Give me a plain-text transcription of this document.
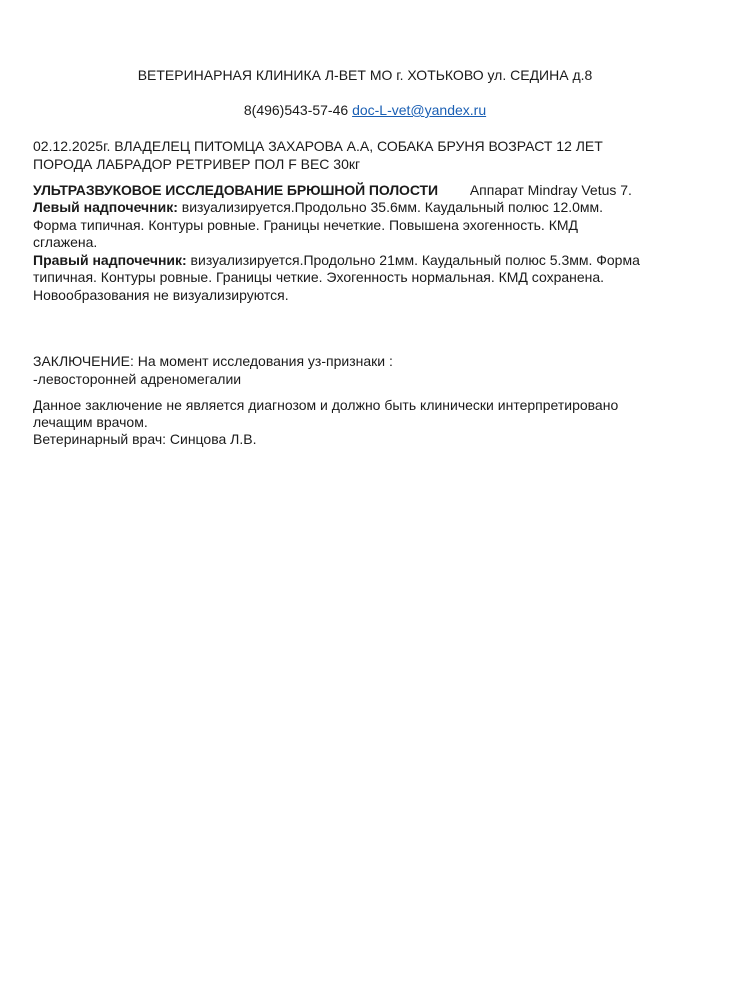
ВЕТЕРИНАРНАЯ КЛИНИКА Л-ВЕТ МО г. ХОТЬКОВО ул. СЕДИНА д.8
8(496)543-57-46 doc-L-vet@yandex.ru
02.12.2025г. ВЛАДЕЛЕЦ ПИТОМЦА ЗАХАРОВА А.А, СОБАКА БРУНЯ ВОЗРАСТ 12 ЛЕТ
ПОРОДА ЛАБРАДОР РЕТРИВЕР ПОЛ F ВЕС 30кг
УЛЬТРАЗВУКОВОЕ ИССЛЕДОВАНИЕ БРЮШНОЙ ПОЛОСТИ Аппарат Mindray Vetus 7.
Левый надпочечник: визуализируется.Продольно 35.6мм. Каудальный полюс 12.0мм.
Форма типичная. Контуры ровные. Границы нечеткие. Повышена эхогенность. КМД
сглажена.
Правый надпочечник: визуализируется.Продольно 21мм. Каудальный полюс 5.3мм. Форма
типичная. Контуры ровные. Границы четкие. Эхогенность нормальная. КМД сохранена.
Новообразования не визуализируются.
ЗАКЛЮЧЕНИЕ: На момент исследования уз-признаки :
-левосторонней адреномегалии
Данное заключение не является диагнозом и должно быть клинически интерпретировано
лечащим врачом.
Ветеринарный врач: Синцова Л.В.
